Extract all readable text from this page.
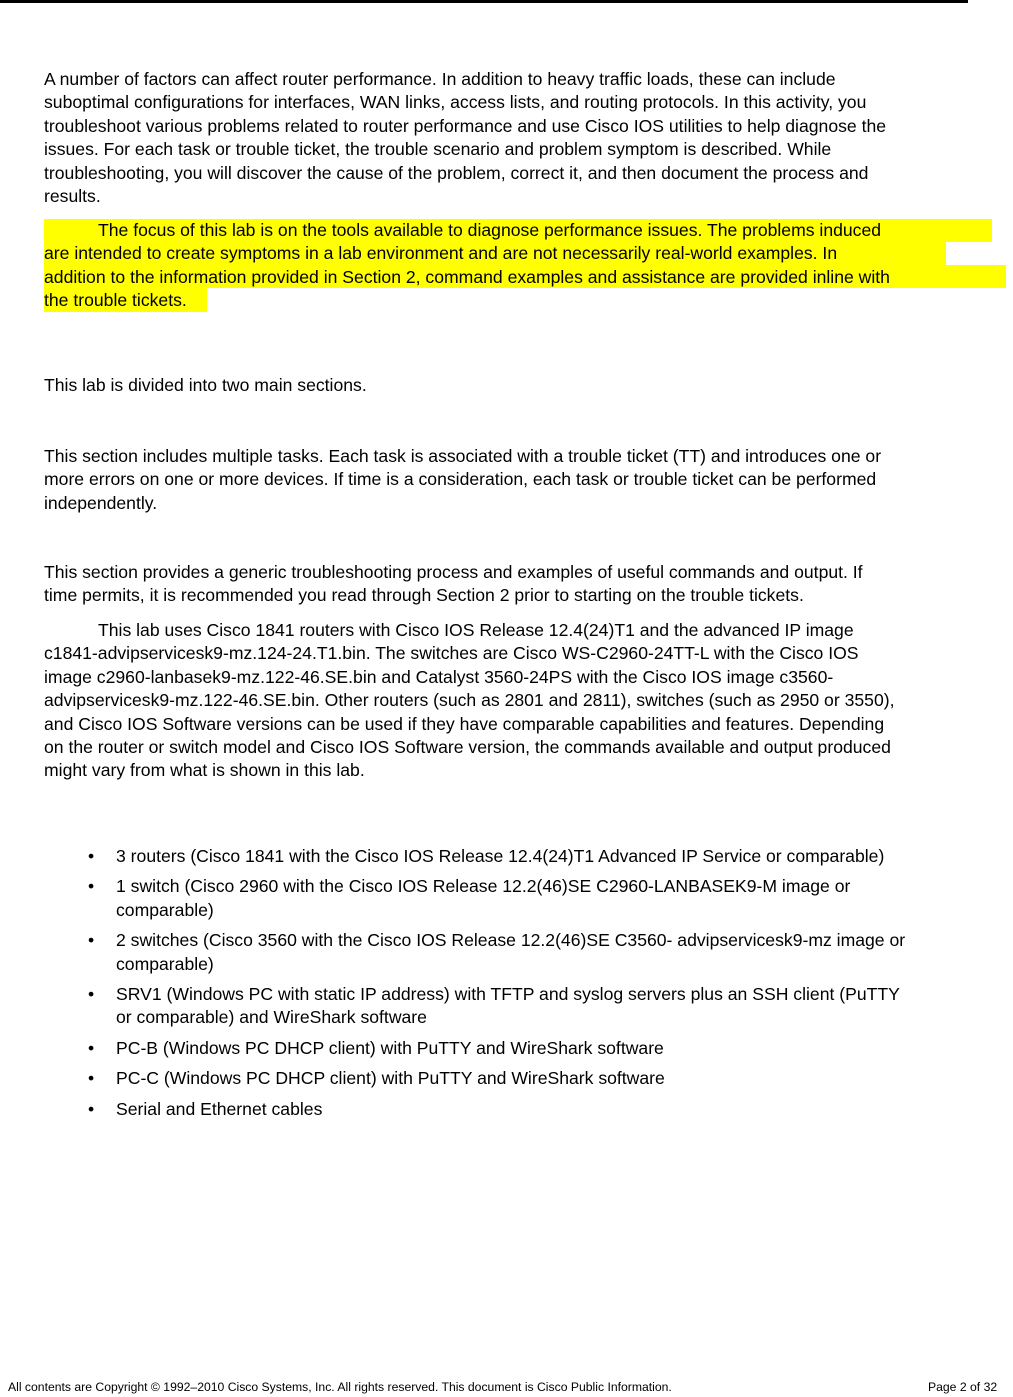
A number of factors can affect router performance. In addition to heavy traffic loads, these can include
suboptimal configurations for interfaces, WAN links, access lists, and routing protocols. In this activity, you
troubleshoot various problems related to router performance and use Cisco IOS utilities to help diagnose the
issues. For each task or trouble ticket, the trouble scenario and problem symptom is described. While
troubleshooting, you will discover the cause of the problem, correct it, and then document the process and
results.

The focus of this lab is on the tools available to diagnose performance issues. The problems induced
are intended to create symptoms in a lab environment and are not necessarily real-world examples. In
addition to the information provided in Section 2, command examples and assistance are provided inline with
the trouble tickets.

This lab is divided into two main sections.

This section includes multiple tasks. Each task is associated with a trouble ticket (TT) and introduces one or
more errors on one or more devices. If time is a consideration, each task or trouble ticket can be performed
independently.

This section provides a generic troubleshooting process and examples of useful commands and output. If
time permits, it is recommended you read through Section 2 prior to starting on the trouble tickets.

This lab uses Cisco 1841 routers with Cisco IOS Release 12.4(24)T1 and the advanced IP image
c1841-advipservicesk9-mz.124-24.T1.bin. The switches are Cisco WS-C2960-24TT-L with the Cisco IOS
image c2960-lanbasek9-mz.122-46.SE.bin and Catalyst 3560-24PS with the Cisco IOS image c3560-
advipservicesk9-mz.122-46.SE.bin. Other routers (such as 2801 and 2811), switches (such as 2950 or 3550),
and Cisco IOS Software versions can be used if they have comparable capabilities and features. Depending
on the router or switch model and Cisco IOS Software version, the commands available and output produced
might vary from what is shown in this lab.

• 3 routers (Cisco 1841 with the Cisco IOS Release 12.4(24)T1 Advanced IP Service or comparable)
• 1 switch (Cisco 2960 with the Cisco IOS Release 12.2(46)SE C2960-LANBASEK9-M image or
comparable)
• 2 switches (Cisco 3560 with the Cisco IOS Release 12.2(46)SE C3560- advipservicesk9-mz image or
comparable)
• SRV1 (Windows PC with static IP address) with TFTP and syslog servers plus an SSH client (PuTTY
or comparable) and WireShark software
• PC-B (Windows PC DHCP client) with PuTTY and WireShark software
• PC-C (Windows PC DHCP client) with PuTTY and WireShark software
• Serial and Ethernet cables
All contents are Copyright © 1992–2010 Cisco Systems, Inc. All rights reserved. This document is Cisco Public Information.	Page 2 of 32
